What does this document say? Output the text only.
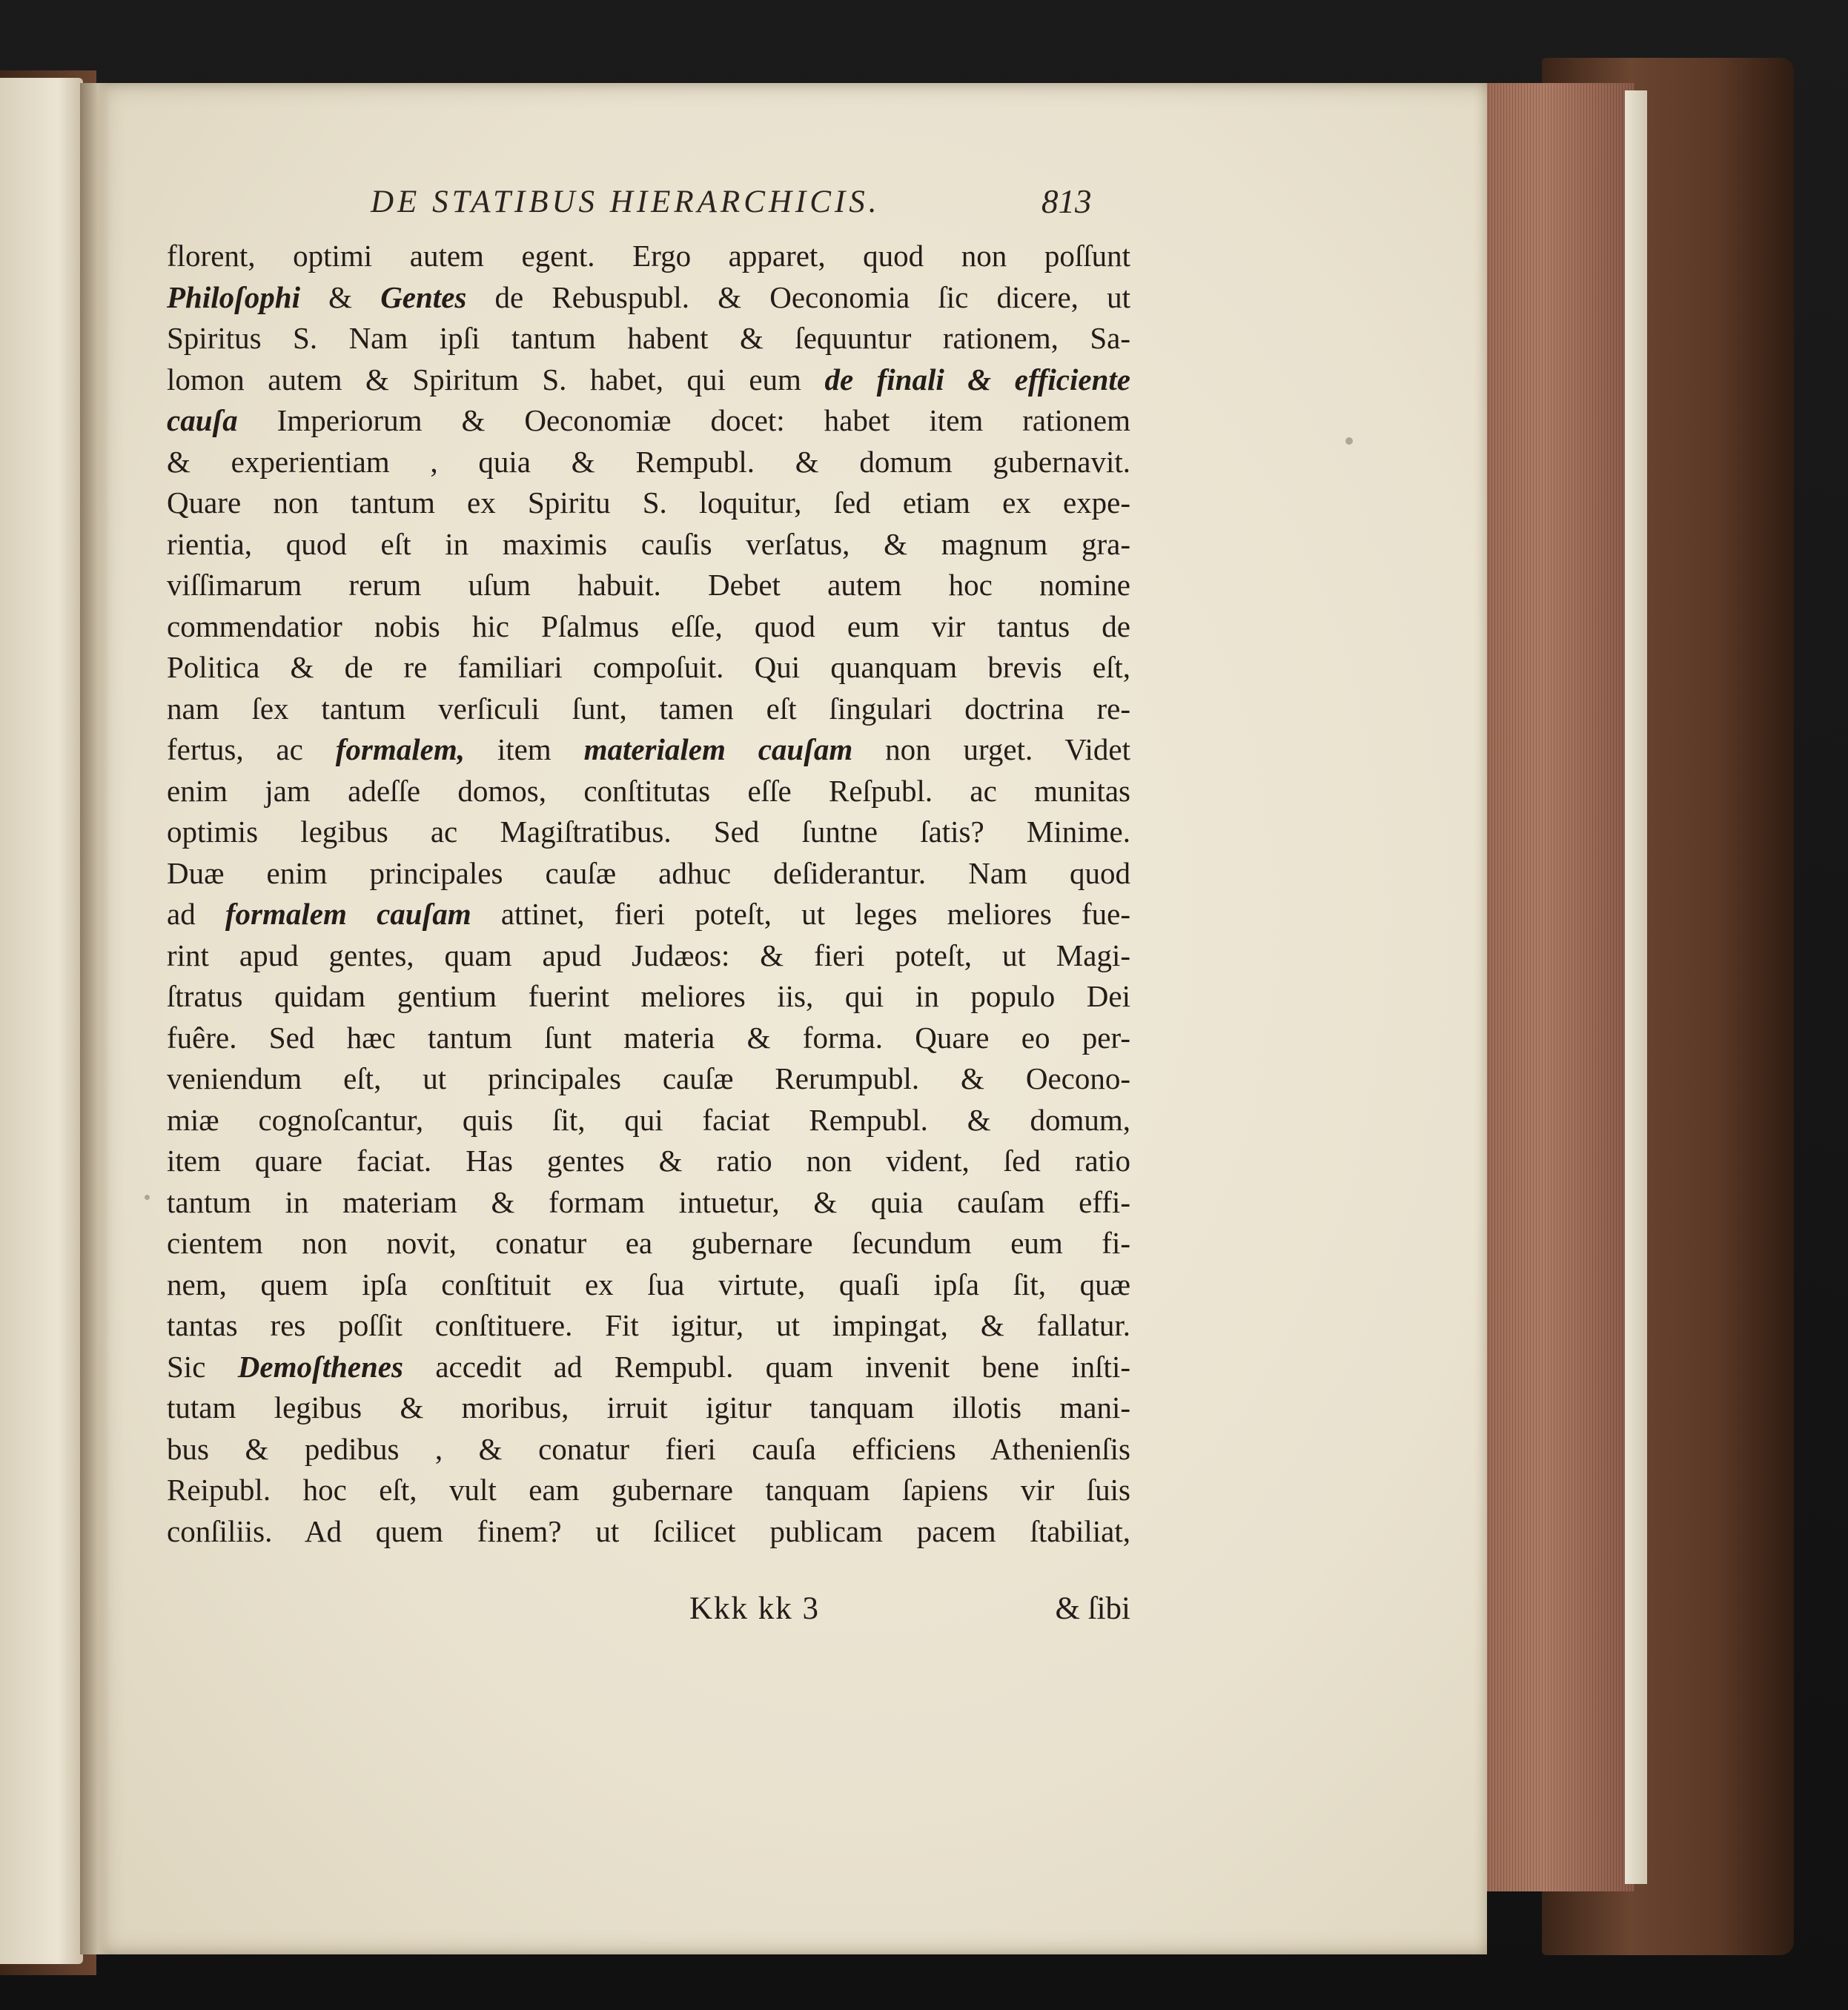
DE STATIBUS HIERARCHICIS.	813
florent, optimi autem egent. Ergo apparet, quod non poſſunt
Philoſophi & Gentes de Rebuspubl. & Oeconomia ſic dicere, ut
Spiritus S. Nam ipſi tantum habent & ſequuntur rationem, Sa-
lomon autem & Spiritum S. habet, qui eum de finali & efficiente
cauſa Imperiorum & Oeconomiæ docet: habet item rationem
& experientiam , quia & Rempubl. & domum gubernavit.
Quare non tantum ex Spiritu S. loquitur, ſed etiam ex expe-
rientia, quod eſt in maximis cauſis verſatus, & magnum gra-
viſſimarum rerum uſum habuit. Debet autem hoc nomine
commendatior nobis hic Pſalmus eſſe, quod eum vir tantus de
Politica & de re familiari compoſuit. Qui quanquam brevis eſt,
nam ſex tantum verſiculi ſunt, tamen eſt ſingulari doctrina re-
fertus, ac formalem, item materialem cauſam non urget. Videt
enim jam adeſſe domos, conſtitutas eſſe Reſpubl. ac munitas
optimis legibus ac Magiſtratibus. Sed ſuntne ſatis? Minime.
Duæ enim principales cauſæ adhuc deſiderantur. Nam quod
ad formalem cauſam attinet, fieri poteſt, ut leges meliores fue-
rint apud gentes, quam apud Judæos: & fieri poteſt, ut Magi-
ſtratus quidam gentium fuerint meliores iis, qui in populo Dei
fuêre. Sed hæc tantum ſunt materia & forma. Quare eo per-
veniendum eſt, ut principales cauſæ Rerumpubl. & Oecono-
miæ cognoſcantur, quis ſit, qui faciat Rempubl. & domum,
item quare faciat. Has gentes & ratio non vident, ſed ratio
tantum in materiam & formam intuetur, & quia cauſam effi-
cientem non novit, conatur ea gubernare ſecundum eum fi-
nem, quem ipſa conſtituit ex ſua virtute, quaſi ipſa ſit, quæ
tantas res poſſit conſtituere. Fit igitur, ut impingat, & fallatur.
Sic Demoſthenes accedit ad Rempubl. quam invenit bene inſti-
tutam legibus & moribus, irruit igitur tanquam illotis mani-
bus & pedibus , & conatur fieri cauſa efficiens Athenienſis
Reipubl. hoc eſt, vult eam gubernare tanquam ſapiens vir ſuis
conſiliis. Ad quem finem? ut ſcilicet publicam pacem ſtabiliat,
Kkk kk 3	& ſibi
